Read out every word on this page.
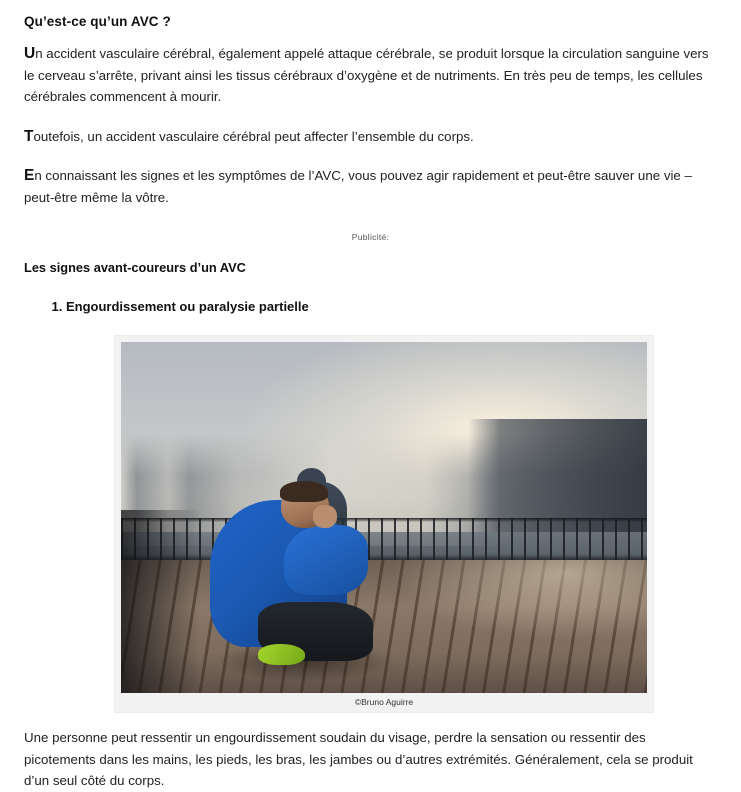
Qu’est-ce qu’un AVC ?

Un accident vasculaire cérébral, également appelé attaque cérébrale, se produit lorsque la circulation sanguine vers le cerveau s’arrête, privant ainsi les tissus cérébraux d’oxygène et de nutriments. En très peu de temps, les cellules cérébrales commencent à mourir.

Toutefois, un accident vasculaire cérébral peut affecter l’ensemble du corps.

En connaissant les signes et les symptômes de l’AVC, vous pouvez agir rapidement et peut-être sauver une vie – peut-être même la vôtre.

Publicité:
Les signes avant-coureurs d’un AVC
1. Engourdissement ou paralysie partielle
©Bruno Aguirre

Une personne peut ressentir un engourdissement soudain du visage, perdre la sensation ou ressentir des picotements dans les mains, les pieds, les bras, les jambes ou d’autres extrémités. Généralement, cela se produit d’un seul côté du corps.
